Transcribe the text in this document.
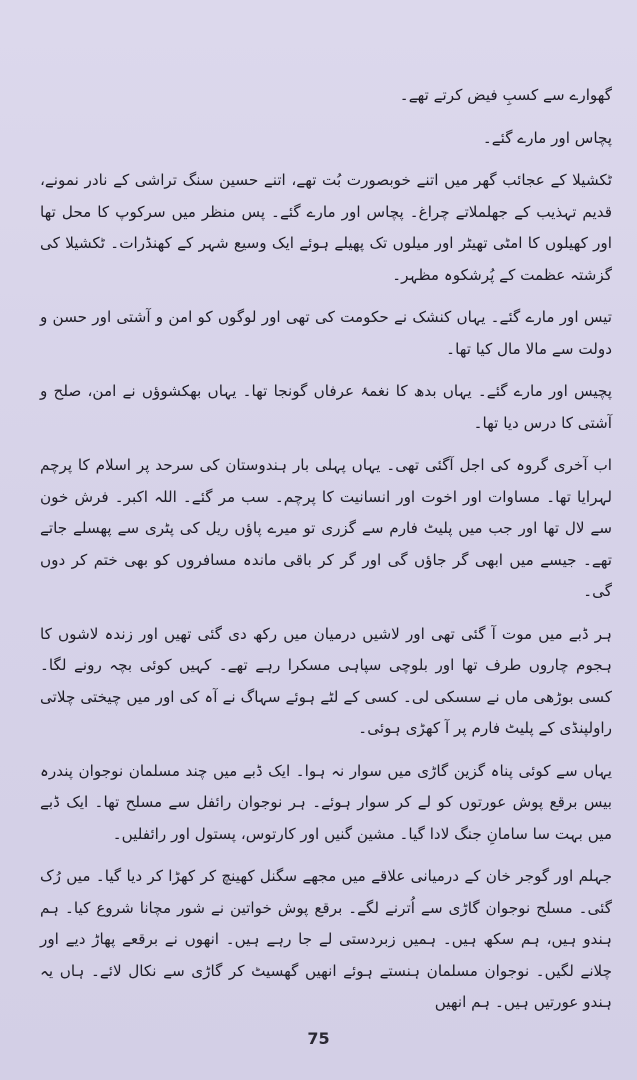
گھوارے سے کسبِ فیض کرتے تھے۔

پچاس اور مارے گئے۔

ٹکشیلا کے عجائب گھر میں اتنے خوبصورت بُت تھے، اتنے حسین سنگ تراشی کے نادر نمونے، قدیم تہذیب کے جھلملاتے چراغ۔ پچاس اور مارے گئے۔ پس منظر میں سرکوپ کا محل تھا اور کھیلوں کا امٹی تھیٹر اور میلوں تک پھیلے ہوئے ایک وسیع شہر کے کھنڈرات۔ ٹکشیلا کی گزشتہ عظمت کے پُرشکوہ مظہر۔

تیس اور مارے گئے۔ یہاں کنشک نے حکومت کی تھی اور لوگوں کو امن و آشتی اور حسن و دولت سے مالا مال کیا تھا۔

پچیس اور مارے گئے۔ یہاں بدھ کا نغمۂ عرفاں گونجا تھا۔ یہاں بھکشوؤں نے امن، صلح و آشتی کا درس دیا تھا۔

اب آخری گروہ کی اجل آگئی تھی۔ یہاں پہلی بار ہندوستان کی سرحد پر اسلام کا پرچم لہرایا تھا۔ مساوات اور اخوت اور انسانیت کا پرچم۔ سب مر گئے۔ اللہ اکبر۔ فرش خون سے لال تھا اور جب میں پلیٹ فارم سے گزری تو میرے پاؤں ریل کی پٹری سے پھسلے جاتے تھے۔ جیسے میں ابھی گر جاؤں گی اور گر کر باقی ماندہ مسافروں کو بھی ختم کر دوں گی۔

ہر ڈبے میں موت آ گئی تھی اور لاشیں درمیان میں رکھ دی گئی تھیں اور زندہ لاشوں کا ہجوم چاروں طرف تھا اور بلوچی سپاہی مسکرا رہے تھے۔ کہیں کوئی بچہ رونے لگا۔ کسی بوڑھی ماں نے سسکی لی۔ کسی کے لٹے ہوئے سہاگ نے آہ کی اور میں چیختی چلاتی راولپنڈی کے پلیٹ فارم پر آ کھڑی ہوئی۔

یہاں سے کوئی پناہ گزین گاڑی میں سوار نہ ہوا۔ ایک ڈبے میں چند مسلمان نوجوان پندرہ بیس برقع پوش عورتوں کو لے کر سوار ہوئے۔ ہر نوجوان رائفل سے مسلح تھا۔ ایک ڈبے میں بہت سا سامانِ جنگ لادا گیا۔ مشین گنیں اور کارتوس، پستول اور رائفلیں۔

جہلم اور گوجر خان کے درمیانی علاقے میں مجھے سگنل کھینچ کر کھڑا کر دیا گیا۔ میں رُک گئی۔ مسلح نوجوان گاڑی سے اُترنے لگے۔ برقع پوش خواتین نے شور مچانا شروع کیا۔ ہم ہندو ہیں، ہم سکھ ہیں۔ ہمیں زبردستی لے جا رہے ہیں۔ انھوں نے برقعے پھاڑ دیے اور چلانے لگیں۔ نوجوان مسلمان ہنستے ہوئے انھیں گھسیٹ کر گاڑی سے نکال لائے۔ ہاں یہ ہندو عورتیں ہیں۔ ہم انھیں

75
